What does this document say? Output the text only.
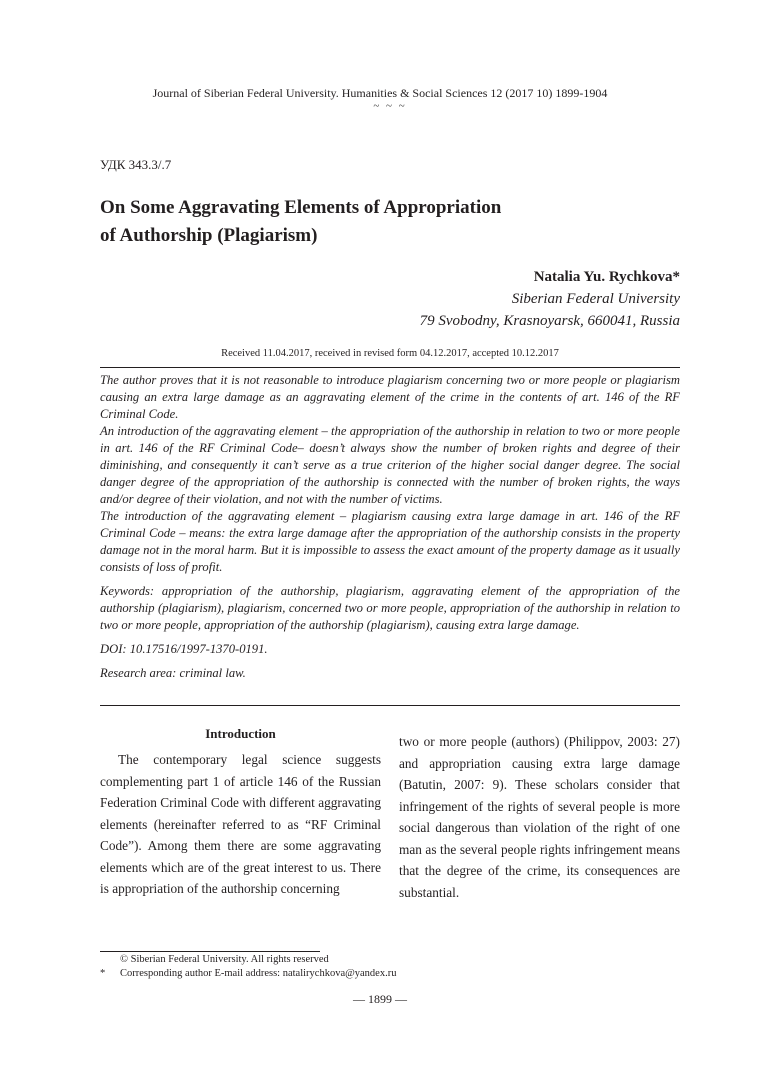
Journal of Siberian Federal University. Humanities & Social Sciences 12 (2017 10) 1899-1904
~ ~ ~
УДК 343.3/.7
On Some Aggravating Elements of Appropriation
of Authorship (Plagiarism)
Natalia Yu. Rychkova*
Siberian Federal University
79 Svobodny, Krasnoyarsk, 660041, Russia
Received 11.04.2017, received in revised form 04.12.2017, accepted 10.12.2017

The author proves that it is not reasonable to introduce plagiarism concerning two or more people or plagiarism causing an extra large damage as an aggravating element of the crime in the contents of art. 146 of the RF Criminal Code.

An introduction of the aggravating element – the appropriation of the authorship in relation to two or more people in art. 146 of the RF Criminal Code– doesn’t always show the number of broken rights and degree of their diminishing, and consequently it can’t serve as a true criterion of the higher social danger degree. The social danger degree of the appropriation of the authorship is connected with the number of broken rights, the ways and/or degree of their violation, and not with the number of victims.

The introduction of the aggravating element – plagiarism causing extra large damage in art. 146 of the RF Criminal Code – means: the extra large damage after the appropriation of the authorship consists in the property damage not in the moral harm. But it is impossible to assess the exact amount of the property damage as it usually consists of loss of profit.

Keywords: appropriation of the authorship, plagiarism, aggravating element of the appropriation of the authorship (plagiarism), plagiarism, concerned two or more people, appropriation of the authorship in relation to two or more people, appropriation of the authorship (plagiarism), causing extra large damage.

DOI: 10.17516/1997-1370-0191.

Research area: criminal law.

Introduction

The contemporary legal science suggests complementing part 1 of article 146 of the Russian Federation Criminal Code with different aggravating elements (hereinafter referred to as “RF Criminal Code”). Among them there are some aggravating elements which are of the great interest to us. There is appropriation of the authorship concerning

two or more people (authors) (Philippov, 2003: 27) and appropriation causing extra large damage (Batutin, 2007: 9). These scholars consider that infringement of the rights of several people is more social dangerous than violation of the right of one man as the several people rights infringement means that the degree of the crime, its consequences are substantial.

© Siberian Federal University. All rights reserved
* Corresponding author E-mail address: natalirychkova@yandex.ru
— 1899 —
